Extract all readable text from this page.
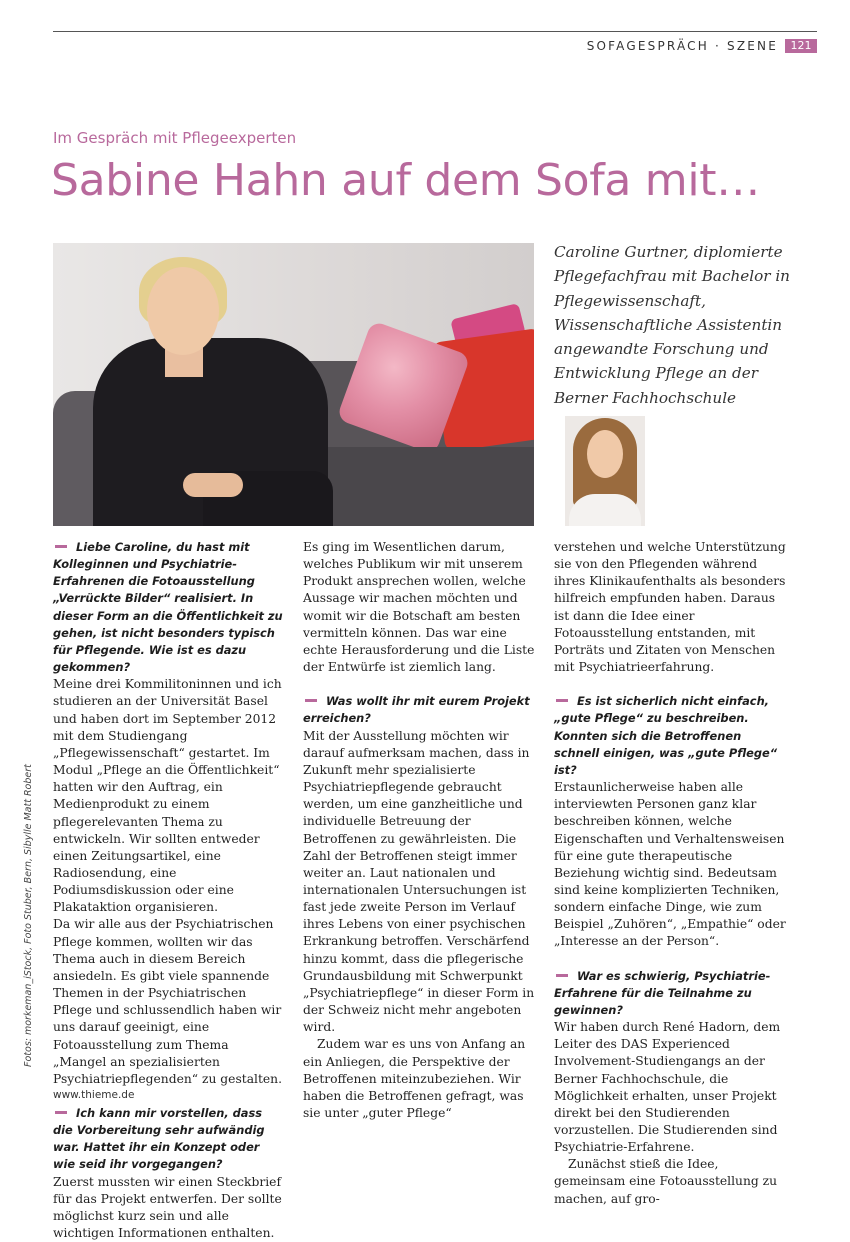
SOFAGESPRÄCH · SZENE	121
Im Gespräch mit Pflegeexperten
Sabine Hahn auf dem Sofa mit…

Caroline Gurtner, diplomierte Pflegefachfrau mit Bachelor in Pflegewissenschaft, Wissenschaftliche Assistentin angewandte Forschung und Entwicklung Pflege an der Berner Fachhochschule

Liebe Caroline, du hast mit Kolleginnen und Psychiatrie-Erfahrenen die Fotoausstellung „Verrückte Bilder“ realisiert. In dieser Form an die Öffentlichkeit zu gehen, ist nicht besonders typisch für Pflegende. Wie ist es dazu gekommen?

Meine drei Kommilitoninnen und ich studieren an der Universität Basel und haben dort im September 2012 mit dem Studiengang „Pflegewissenschaft“ gestartet. Im Modul „Pflege an die Öffentlichkeit“ hatten wir den Auftrag, ein Medienprodukt zu einem pflegerelevanten Thema zu entwickeln. Wir sollten entweder einen Zeitungsartikel, eine Radiosendung, eine Podiumsdiskussion oder eine Plakataktion organisieren.

Da wir alle aus der Psychiatrischen Pflege kommen, wollten wir das Thema auch in diesem Bereich ansiedeln. Es gibt viele spannende Themen in der Psychiatrischen Pflege und schlussendlich haben wir uns darauf geeinigt, eine Fotoausstellung zum Thema „Mangel an spezialisierten Psychiatriepflegenden“ zu gestalten.

Ich kann mir vorstellen, dass die Vorbereitung sehr aufwändig war. Hattet ihr ein Konzept oder wie seid ihr vorgegangen?

Zuerst mussten wir einen Steckbrief für das Projekt entwerfen. Der sollte möglichst kurz sein und alle wichtigen Informationen enthalten.

Es ging im Wesentlichen darum, welches Publikum wir mit unserem Produkt ansprechen wollen, welche Aussage wir machen möchten und womit wir die Botschaft am besten vermitteln können. Das war eine echte Herausforderung und die Liste der Entwürfe ist ziemlich lang.

Was wollt ihr mit eurem Projekt erreichen?

Mit der Ausstellung möchten wir darauf aufmerksam machen, dass in Zukunft mehr spezialisierte Psychiatriepflegende gebraucht werden, um eine ganzheitliche und individuelle Betreuung der Betroffenen zu gewährleisten. Die Zahl der Betroffenen steigt immer weiter an. Laut nationalen und internationalen Untersuchungen ist fast jede zweite Person im Verlauf ihres Lebens von einer psychischen Erkrankung betroffen. Verschärfend hinzu kommt, dass die pflegerische Grundausbildung mit Schwerpunkt „Psychiatriepflege“ in dieser Form in der Schweiz nicht mehr angeboten wird.

Zudem war es uns von Anfang an ein Anliegen, die Perspektive der Betroffenen miteinzubeziehen. Wir haben die Betroffenen gefragt, was sie unter „guter Pflege“

verstehen und welche Unterstützung sie von den Pflegenden während ihres Klinikaufenthalts als besonders hilfreich empfunden haben. Daraus ist dann die Idee einer Fotoausstellung entstanden, mit Porträts und Zitaten von Menschen mit Psychiatrieerfahrung.

Es ist sicherlich nicht einfach, „gute Pflege“ zu beschreiben. Konnten sich die Betroffenen schnell einigen, was „gute Pflege“ ist?

Erstaunlicherweise haben alle interviewten Personen ganz klar beschreiben können, welche Eigenschaften und Verhaltensweisen für eine gute therapeutische Beziehung wichtig sind. Bedeutsam sind keine komplizierten Techniken, sondern einfache Dinge, wie zum Beispiel „Zuhören“, „Empathie“ oder „Interesse an der Person“.

War es schwierig, Psychiatrie-Erfahrene für die Teilnahme zu gewinnen?

Wir haben durch René Hadorn, dem Leiter des DAS Experienced Involvement-Studiengangs an der Berner Fachhochschule, die Möglichkeit erhalten, unser Projekt direkt bei den Studierenden vorzustellen. Die Studierenden sind Psychiatrie-Erfahrene.

Zunächst stieß die Idee, gemeinsam eine Fotoausstellung zu machen, auf gro-

Fotos: morkeman_iStock, Foto Stuber, Bern, Sibylle Matt Robert
www.thieme.de
